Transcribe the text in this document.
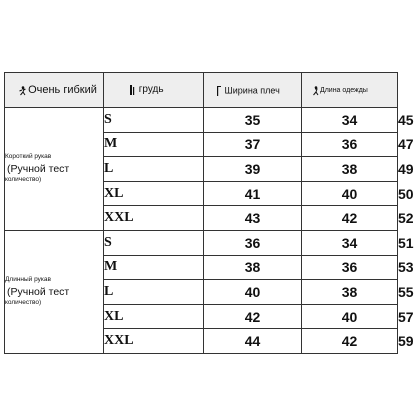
Очень гибкий	грудь	Ширина плеч	Длина одежды	

Короткий рукав
(Ручной тест
количество)	S	35	34	45
	M	37	36	47
	L	39	38	49
	XL	41	40	50
	XXL	43	42	52

Длинный рукав
(Ручной тест
количество)	S	36	34	51
	M	38	36	53
	L	40	38	55
	XL	42	40	57
	XXL	44	42	59
